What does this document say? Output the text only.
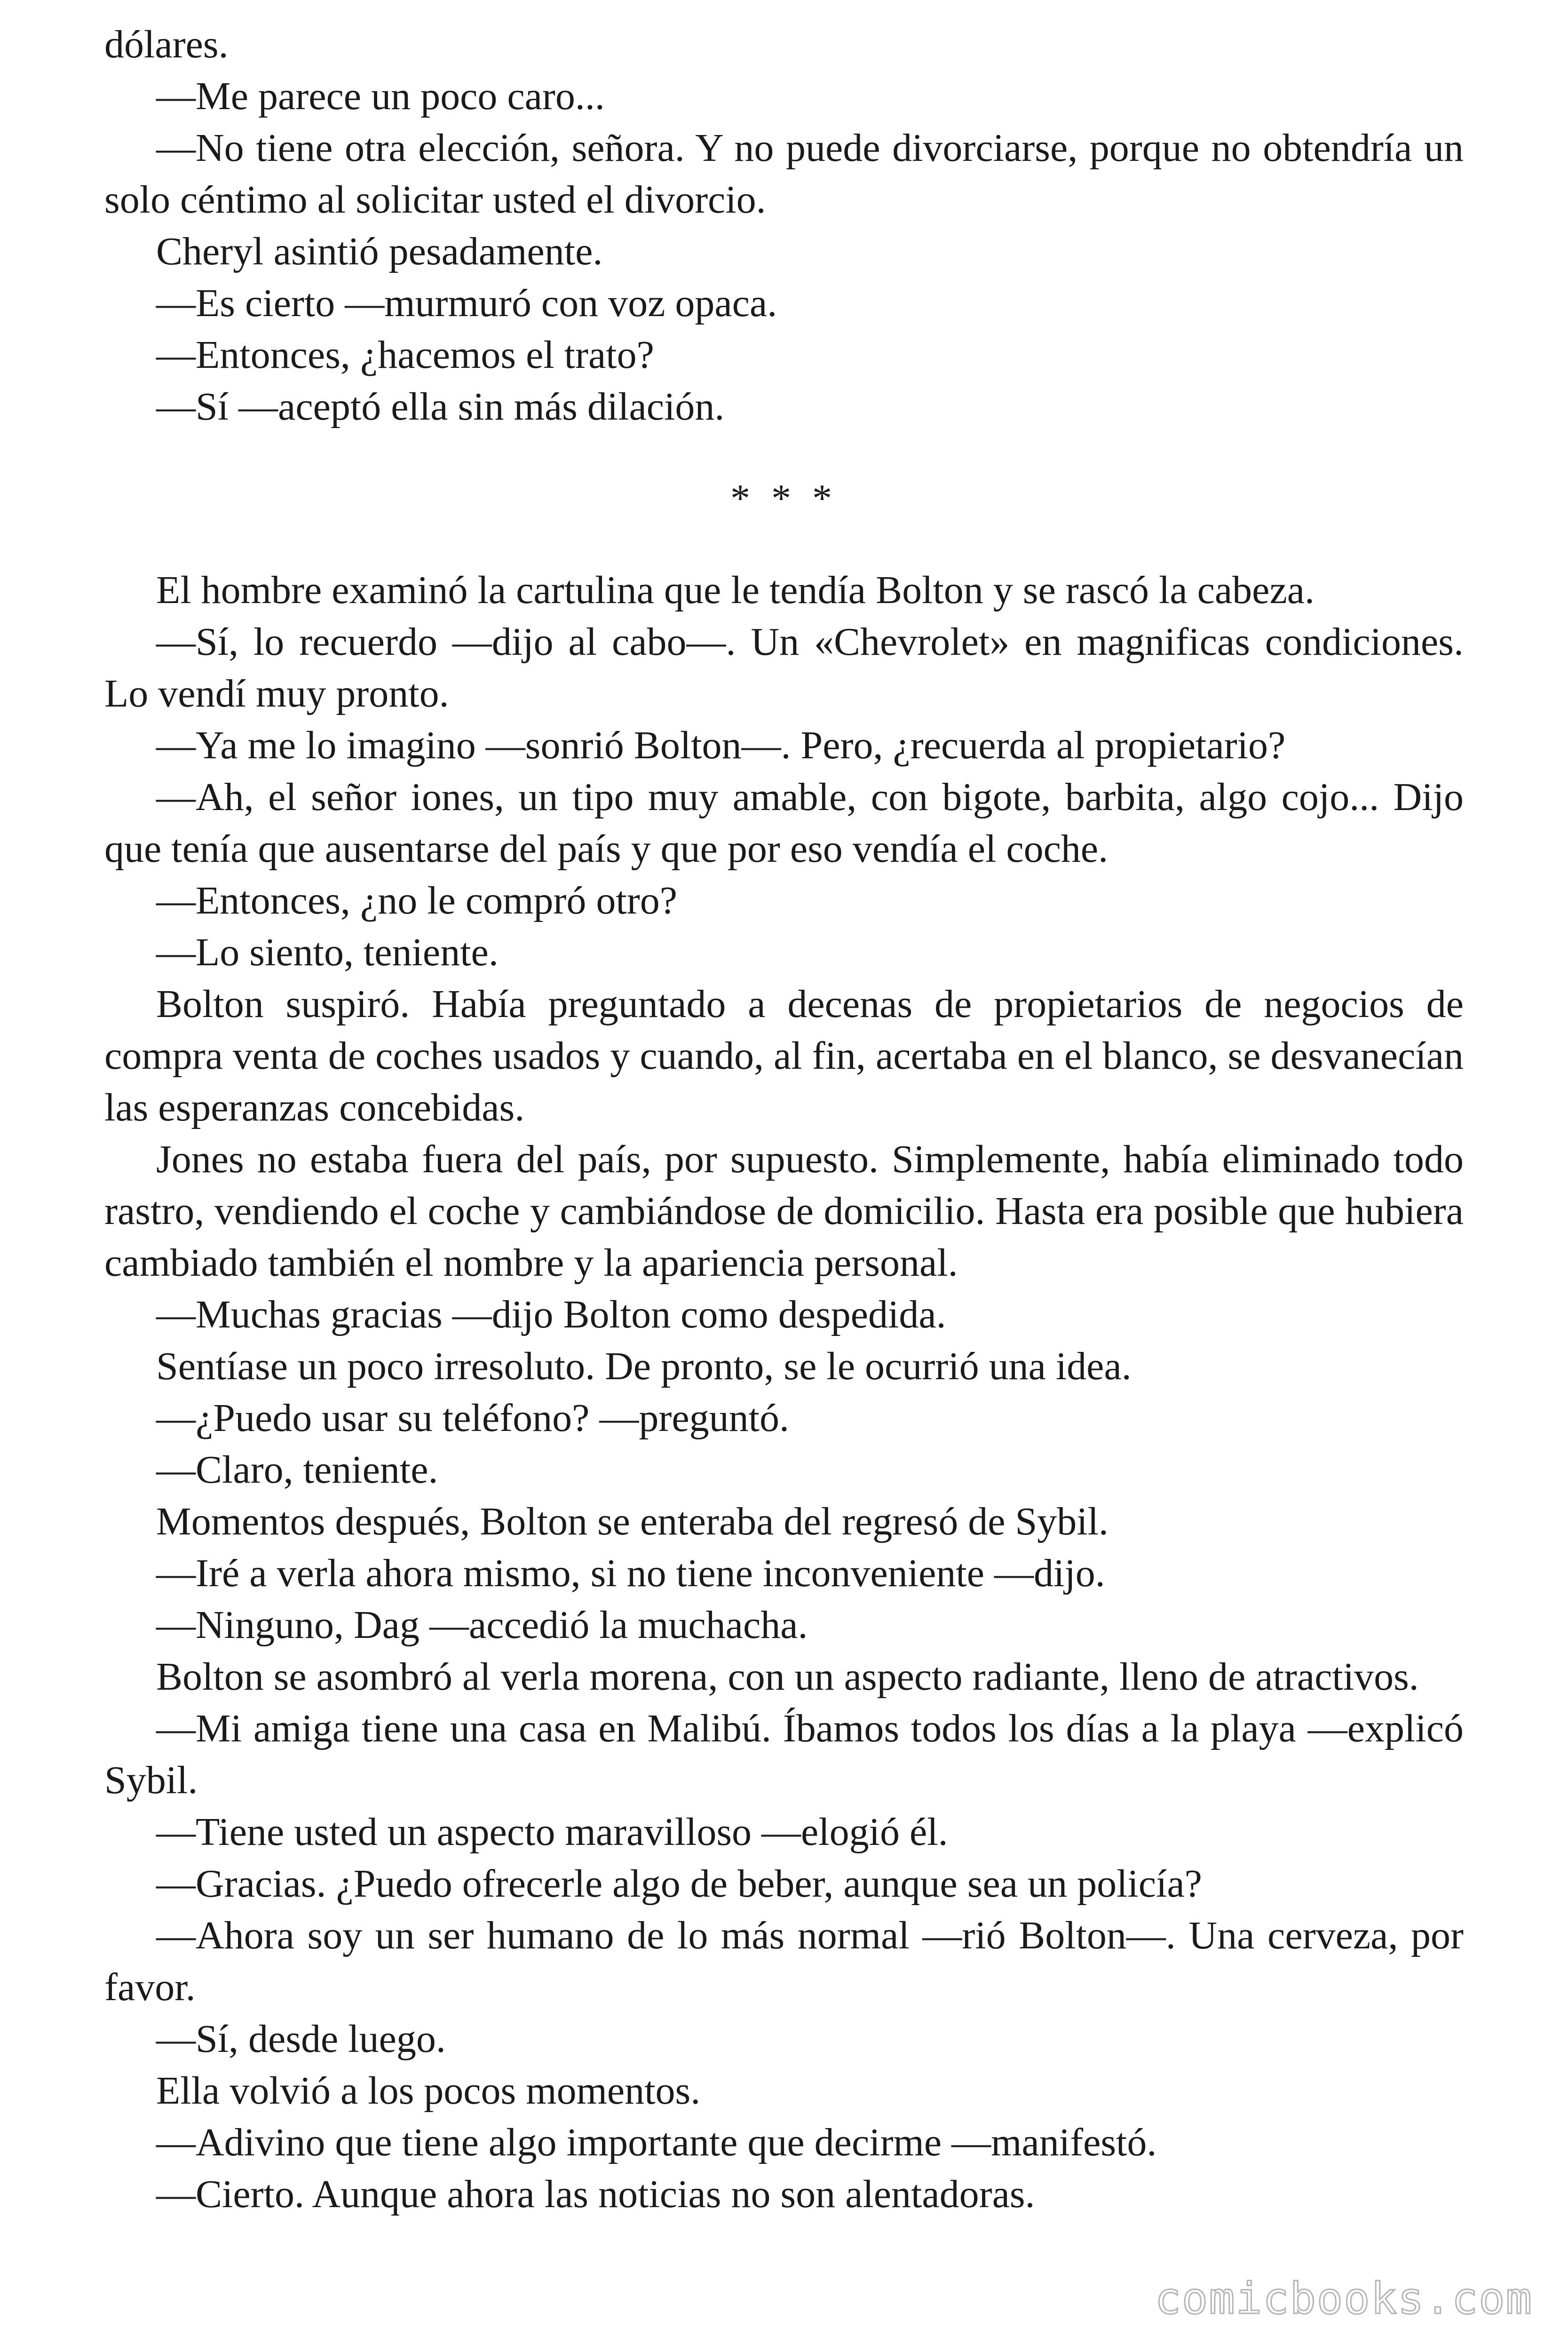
dólares.

—Me parece un poco caro...

—No tiene otra elección, señora. Y no puede divorciarse, porque no obtendría un solo céntimo al solicitar usted el divorcio.

Cheryl asintió pesadamente.

—Es cierto —murmuró con voz opaca.

—Entonces, ¿hacemos el trato?

—Sí —aceptó ella sin más dilación.

* * *

El hombre examinó la cartulina que le tendía Bolton y se rascó la cabeza.

—Sí, lo recuerdo —dijo al cabo—. Un «Chevrolet» en magnificas condiciones. Lo vendí muy pronto.

—Ya me lo imagino —sonrió Bolton—. Pero, ¿recuerda al propietario?

—Ah, el señor iones, un tipo muy amable, con bigote, barbita, algo cojo... Dijo que tenía que ausentarse del país y que por eso vendía el coche.

—Entonces, ¿no le compró otro?

—Lo siento, teniente.

Bolton suspiró. Había preguntado a decenas de propietarios de negocios de compra venta de coches usados y cuando, al fin, acertaba en el blanco, se desvanecían las esperanzas concebidas.

Jones no estaba fuera del país, por supuesto. Simplemente, había eliminado todo rastro, vendiendo el coche y cambiándose de domicilio. Hasta era posible que hubiera cambiado también el nombre y la apariencia personal.

—Muchas gracias —dijo Bolton como despedida.

Sentíase un poco irresoluto. De pronto, se le ocurrió una idea.

—¿Puedo usar su teléfono? —preguntó.

—Claro, teniente.

Momentos después, Bolton se enteraba del regresó de Sybil.

—Iré a verla ahora mismo, si no tiene inconveniente —dijo.

—Ninguno, Dag —accedió la muchacha.

Bolton se asombró al verla morena, con un aspecto radiante, lleno de atractivos.

—Mi amiga tiene una casa en Malibú. Íbamos todos los días a la playa —explicó Sybil.

—Tiene usted un aspecto maravilloso —elogió él.

—Gracias. ¿Puedo ofrecerle algo de beber, aunque sea un policía?

—Ahora soy un ser humano de lo más normal —rió Bolton—. Una cerveza, por favor.

—Sí, desde luego.

Ella volvió a los pocos momentos.

—Adivino que tiene algo importante que decirme —manifestó.

—Cierto. Aunque ahora las noticias no son alentadoras.

comicbooks.com
